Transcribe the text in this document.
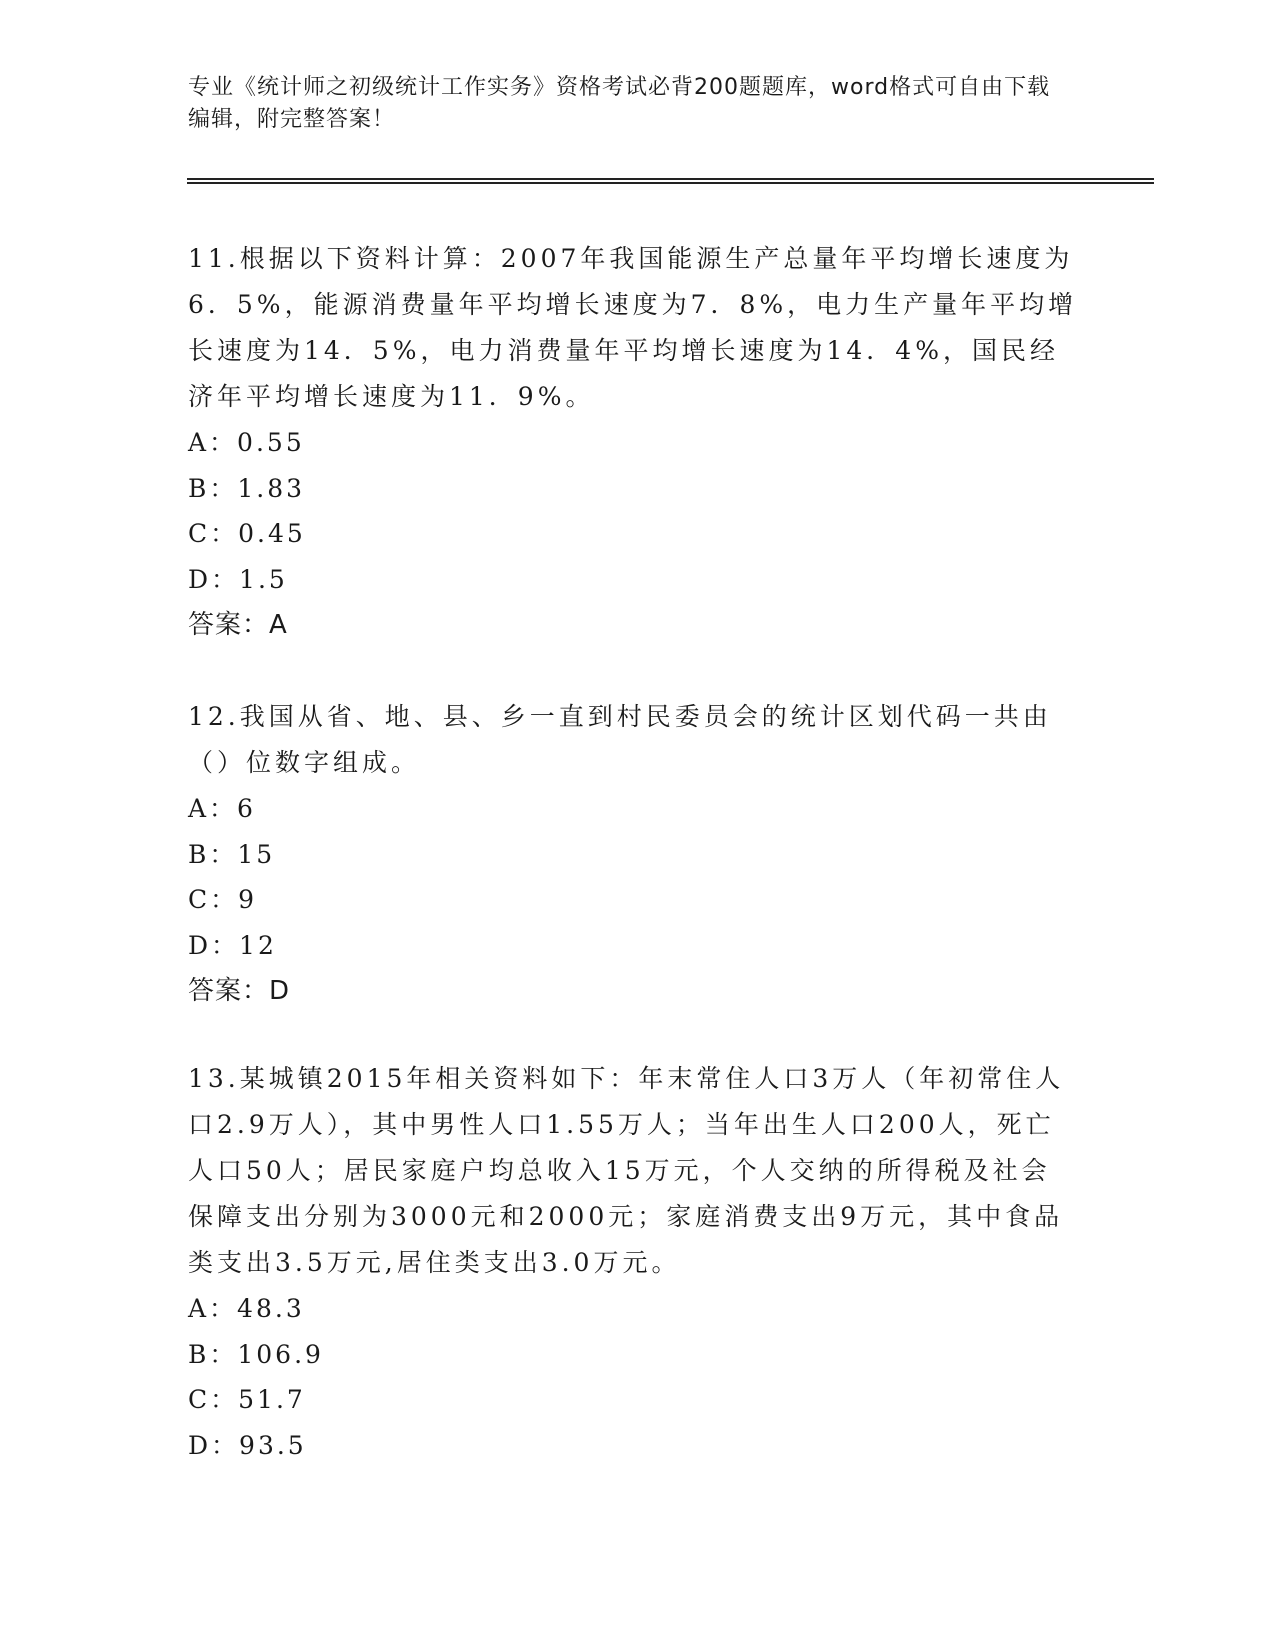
专业《统计师之初级统计工作实务》资格考试必背200题题库，word格式可自由下载编辑，附完整答案！

11.根据以下资料计算：2007年我国能源生产总量年平均增长速度为6．5%，能源消费量年平均增长速度为7．8%，电力生产量年平均增长速度为14．5%，电力消费量年平均增长速度为14．4%，国民经济年平均增长速度为11．9%。

A：0.55

B：1.83

C：0.45

D：1.5

答案：A

12.我国从省、地、县、乡一直到村民委员会的统计区划代码一共由（）位数字组成。

A：6

B：15

C：9

D：12

答案：D

13.某城镇2015年相关资料如下：年末常住人口3万人（年初常住人口2.9万人），其中男性人口1.55万人；当年出生人口200人，死亡人口50人；居民家庭户均总收入15万元，个人交纳的所得税及社会保障支出分别为3000元和2000元；家庭消费支出9万元，其中食品类支出3.5万元,居住类支出3.0万元。

A：48.3

B：106.9

C：51.7

D：93.5
